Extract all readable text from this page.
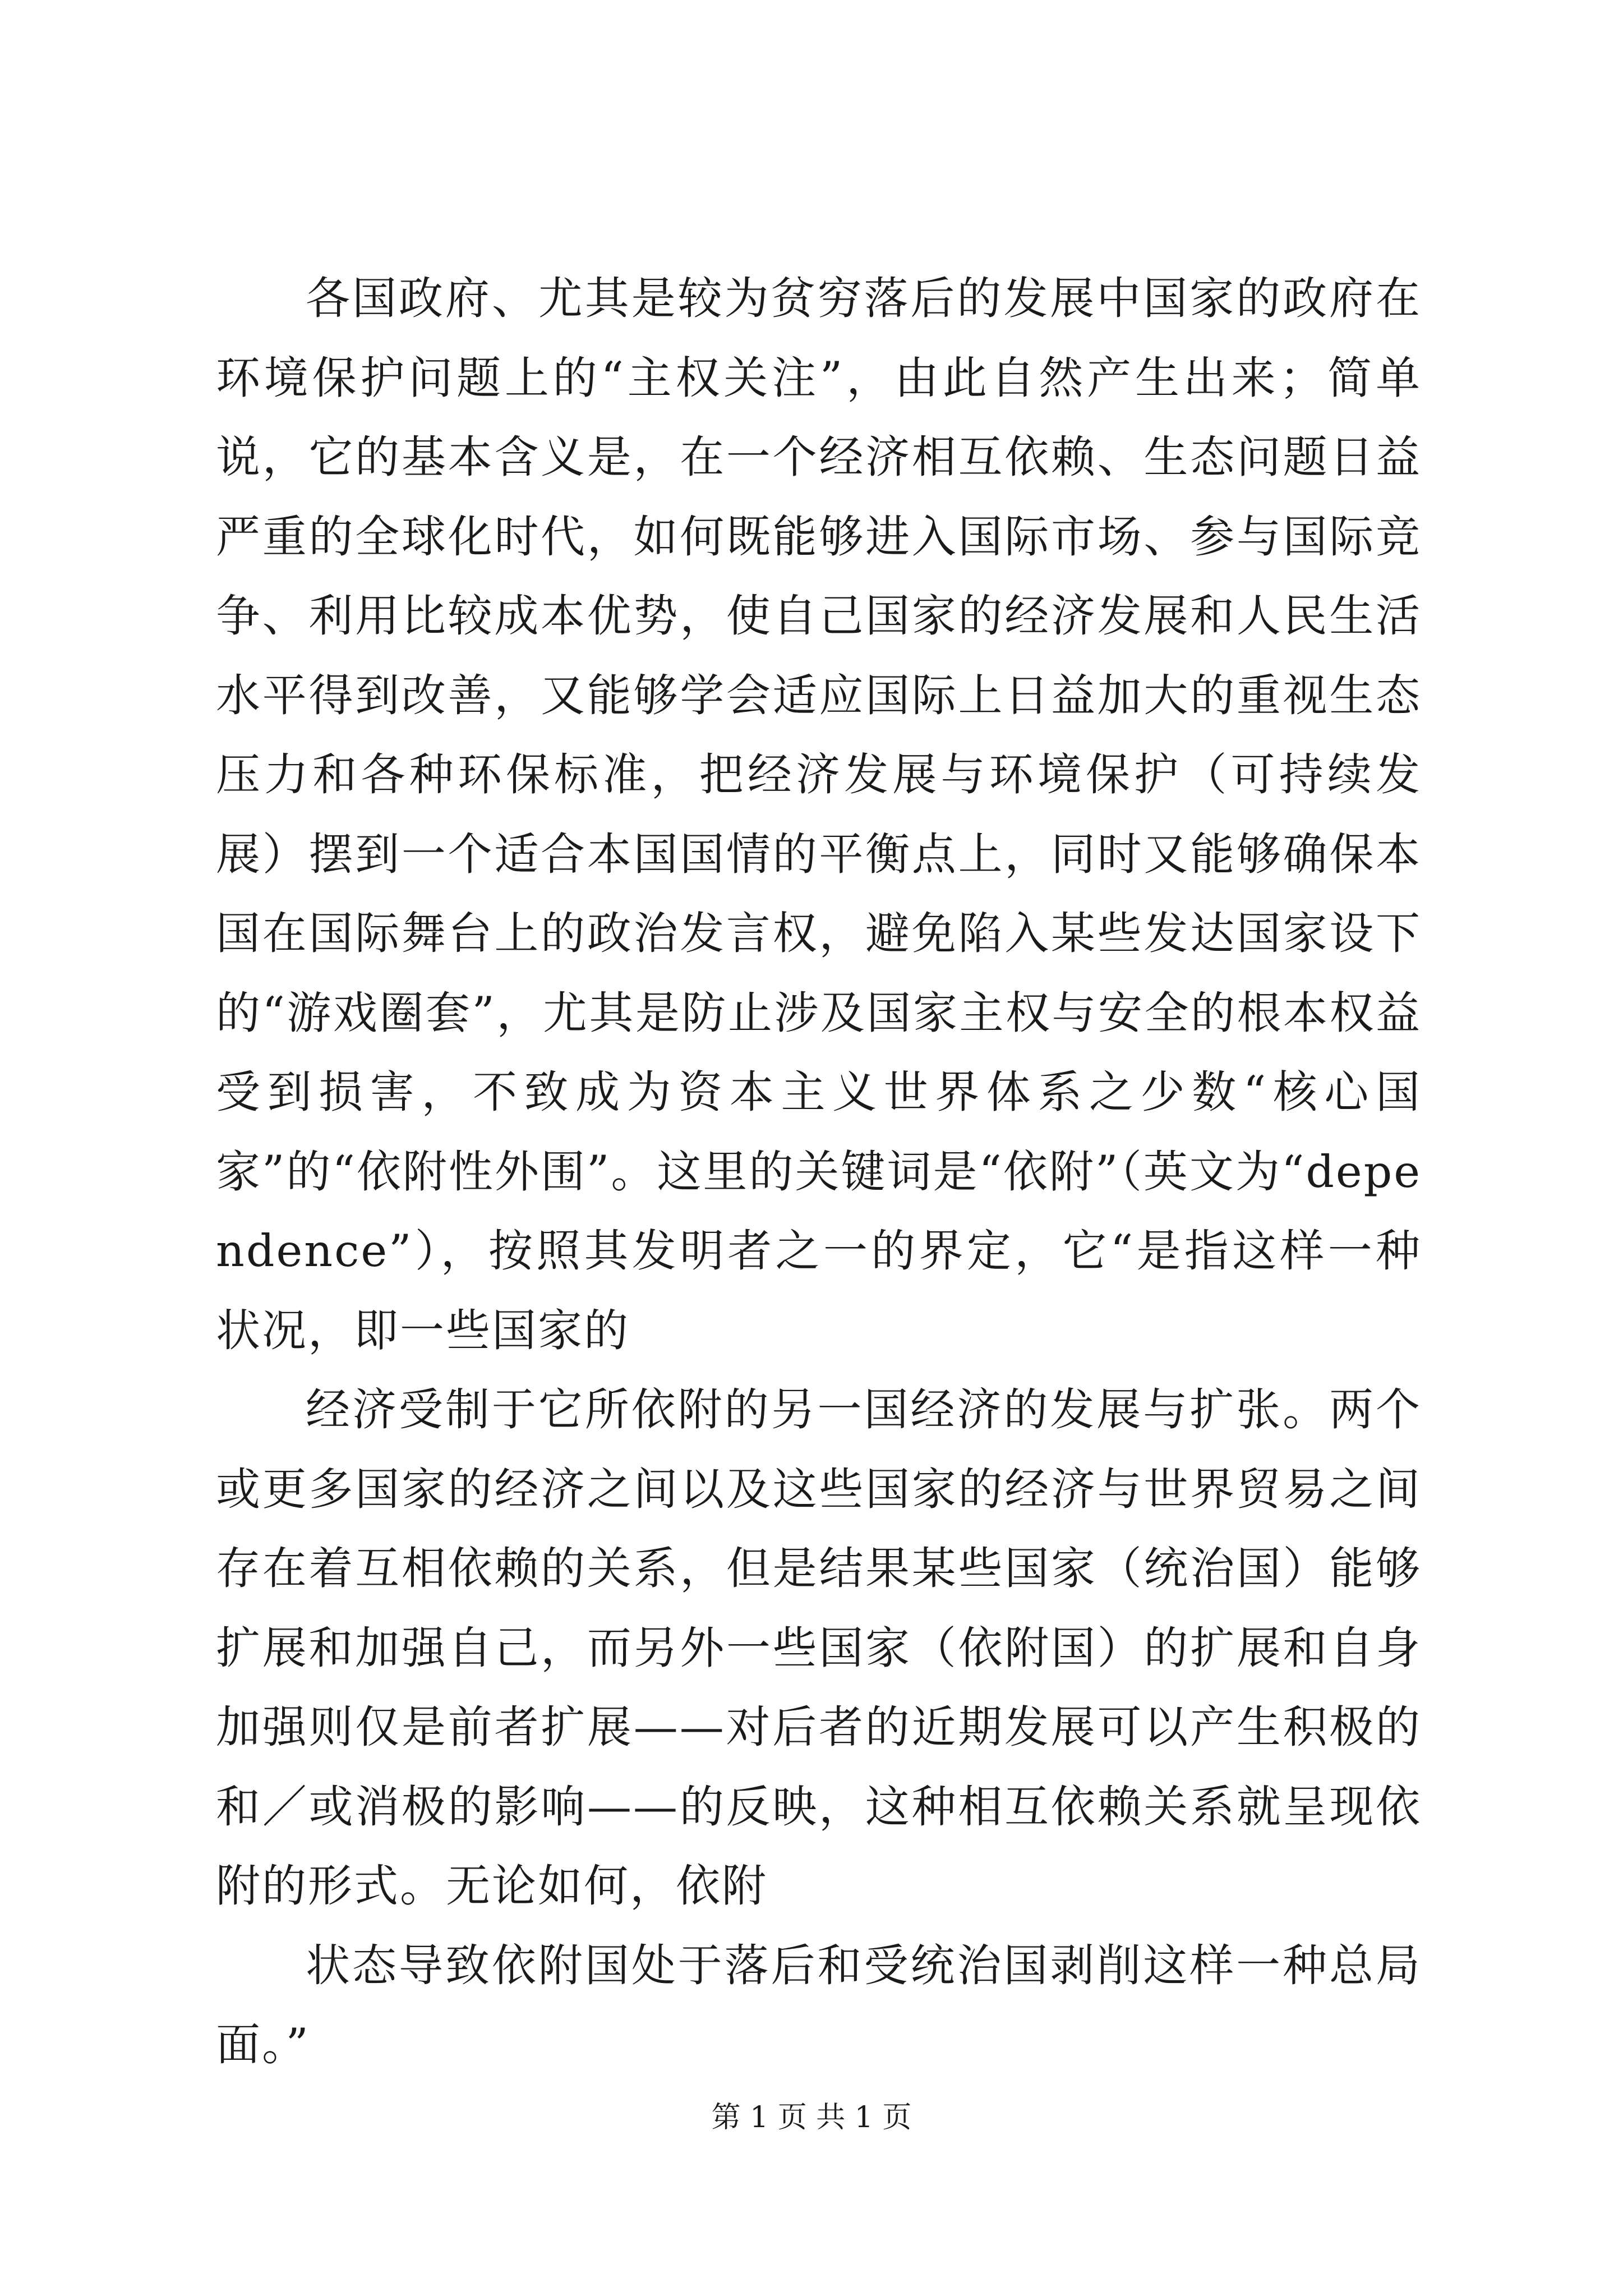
各国政府、尤其是较为贫穷落后的发展中国家的政府在环境保护问题上的“主权关注”，由此自然产生出来；简单说，它的基本含义是，在一个经济相互依赖、生态问题日益严重的全球化时代，如何既能够进入国际市场、参与国际竞争、利用比较成本优势，使自己国家的经济发展和人民生活水平得到改善，又能够学会适应国际上日益加大的重视生态压力和各种环保标准，把经济发展与环境保护（可持续发展）摆到一个适合本国国情的平衡点上，同时又能够确保本国在国际舞台上的政治发言权，避免陷入某些发达国家设下的“游戏圈套”，尤其是防止涉及国家主权与安全的根本权益受到损害，不致成为资本主义世界体系之少数“核心国家”的“依附性外围”。这里的关键词是“依附”（英文为“dependence”），按照其发明者之一的界定，它“是指这样一种状况，即一些国家的

经济受制于它所依附的另一国经济的发展与扩张。两个或更多国家的经济之间以及这些国家的经济与世界贸易之间存在着互相依赖的关系，但是结果某些国家（统治国）能够扩展和加强自己，而另外一些国家（依附国）的扩展和自身加强则仅是前者扩展——对后者的近期发展可以产生积极的和／或消极的影响——的反映，这种相互依赖关系就呈现依附的形式。无论如何，依附

状态导致依附国处于落后和受统治国剥削这样一种总局面。”

第 1 页 共 1 页
